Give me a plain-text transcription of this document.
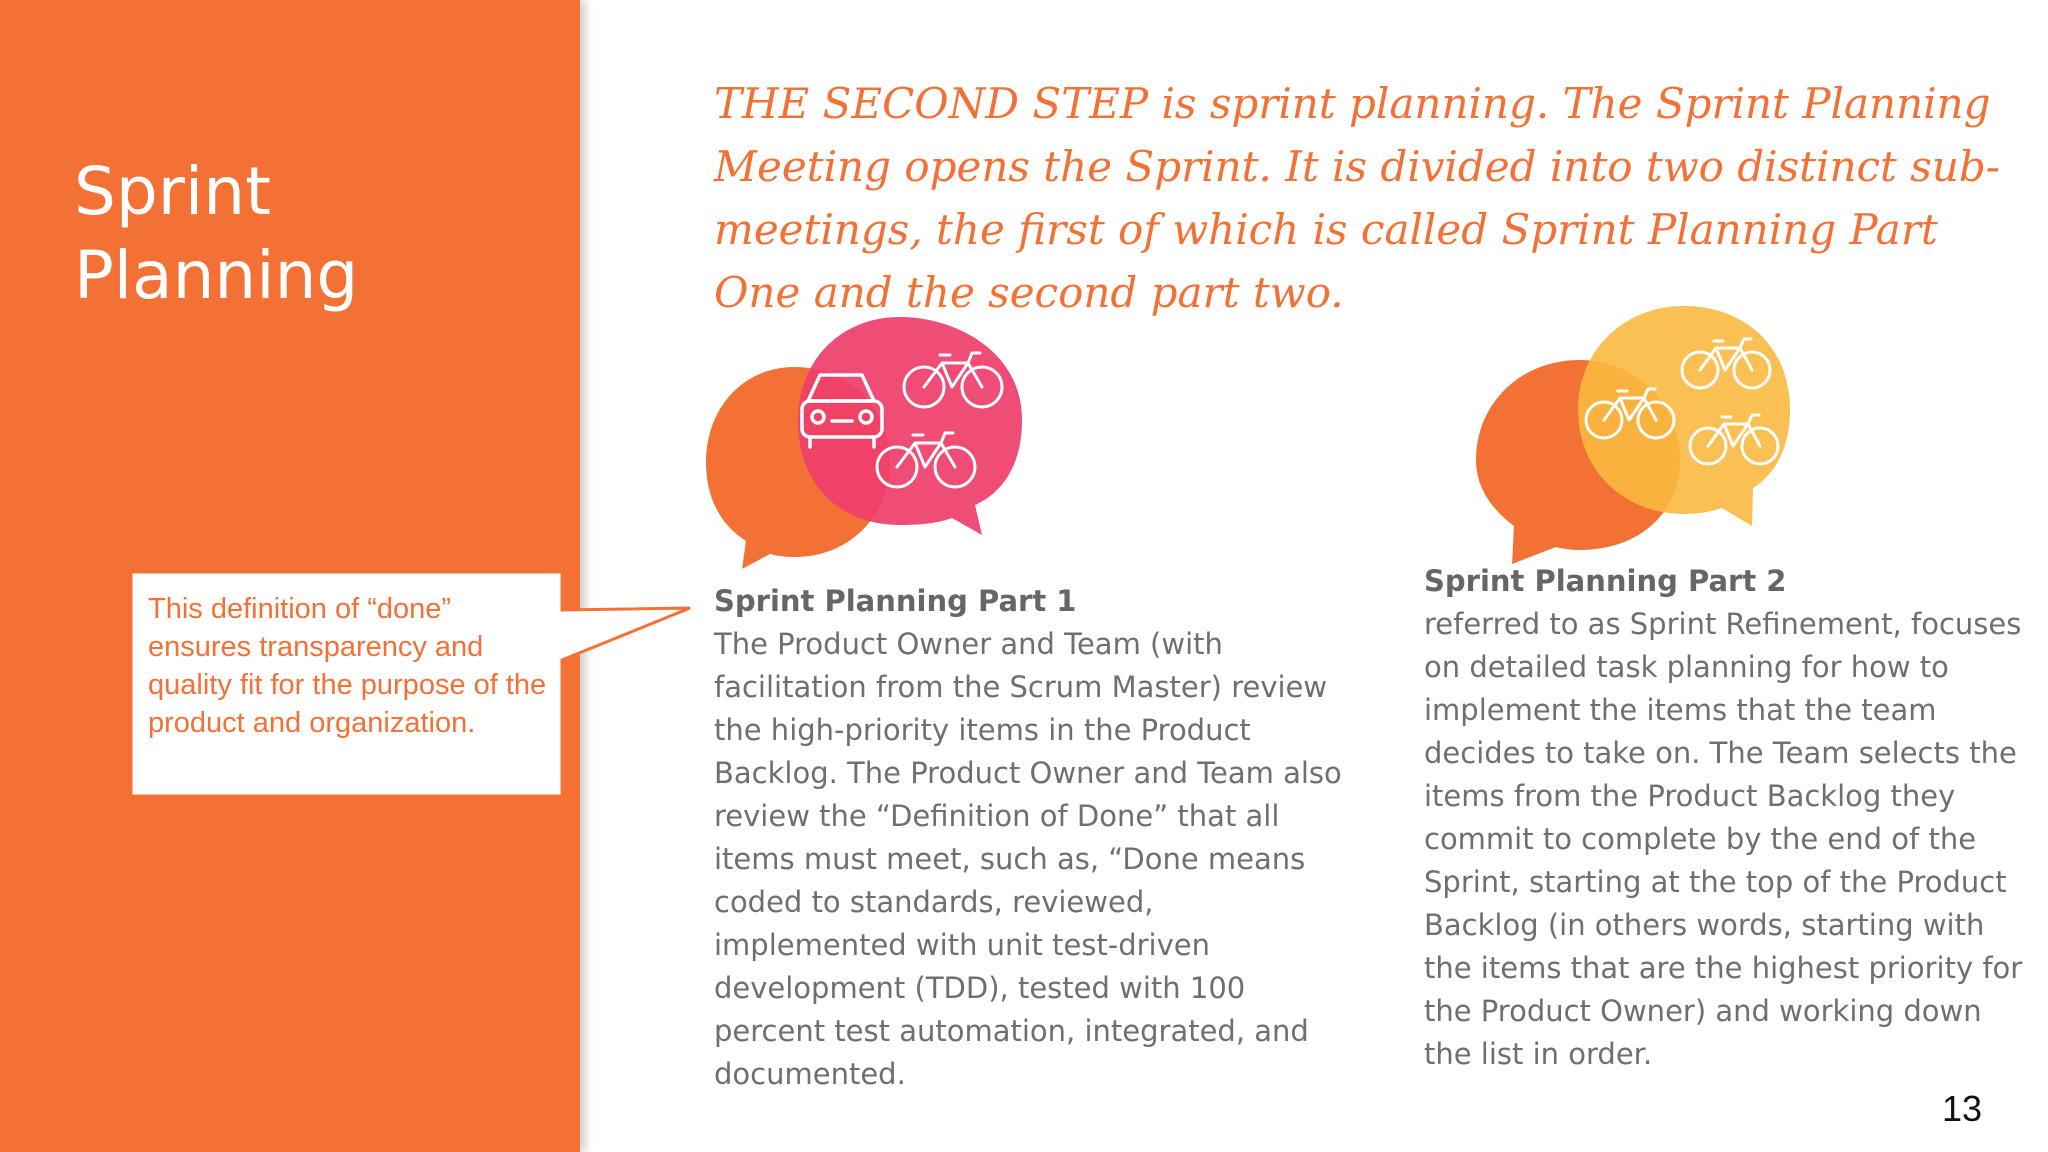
Sprint Planning

This definition of “done” ensures transparency and quality fit for the purpose of the product and organization.

THE SECOND STEP is sprint planning. The Sprint Planning Meeting opens the Sprint. It is divided into two distinct sub-meetings, the first of which is called Sprint Planning Part One and the second part two.

Sprint Planning Part 1

The Product Owner and Team (with facilitation from the Scrum Master) review the high-priority items in the Product Backlog. The Product Owner and Team also review the “Definition of Done” that all items must meet, such as, “Done means coded to standards, reviewed, implemented with unit test-driven development (TDD), tested with 100 percent test automation, integrated, and documented.

Sprint Planning Part 2

referred to as Sprint Refinement, focuses on detailed task planning for how to implement the items that the team decides to take on. The Team selects the items from the Product Backlog they commit to complete by the end of the Sprint, starting at the top of the Product Backlog (in others words, starting with the items that are the highest priority for the Product Owner) and working down the list in order.

13
